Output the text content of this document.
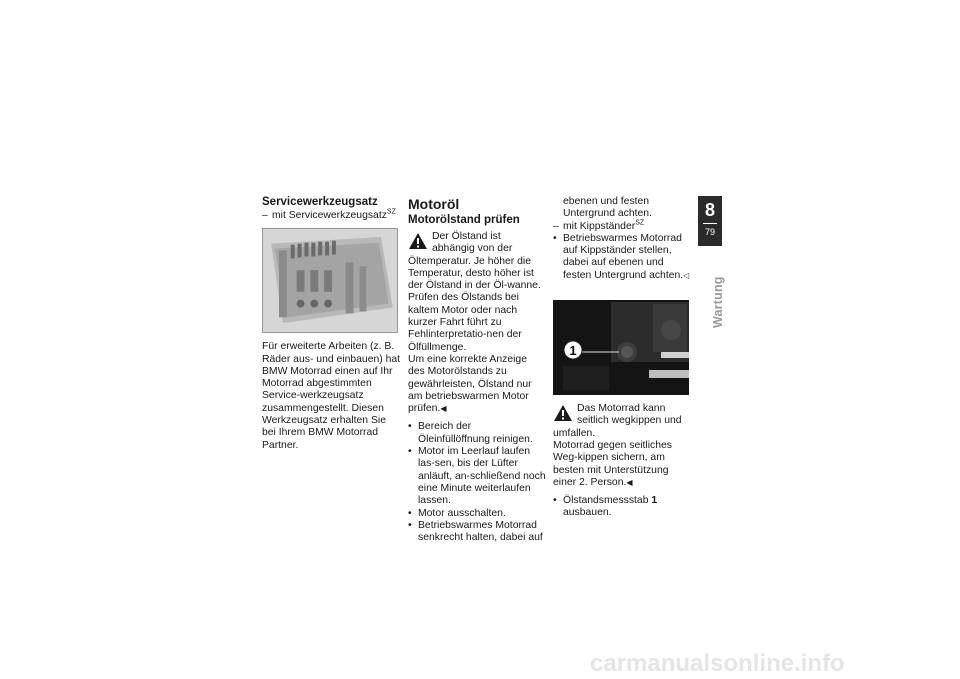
Servicewerkzeugsatz

– mit Servicewerkzeugsatz$^{SZ}$

Für erweiterte Arbeiten (z. B. Räder aus- und einbauen) hat BMW Motorrad einen auf Ihr Motorrad abgestimmten Service-werkzeugsatz zusammengestellt. Diesen Werkzeugsatz erhalten Sie bei Ihrem BMW Motorrad Partner.

Motoröl
Motorölstand prüfen

Der Ölstand ist abhängig von der Öltemperatur. Je höher die Temperatur, desto höher ist der Ölstand in der Öl-wanne. Prüfen des Ölstands bei kaltem Motor oder nach kurzer Fahrt führt zu Fehlinterpretatio-nen der Ölfüllmenge.

Um eine korrekte Anzeige des Motorölstands zu gewährleisten, Ölstand nur am betriebswarmen Motor prüfen.◀

• Bereich der Öleinfüllöffnung reinigen.
• Motor im Leerlauf laufen las-sen, bis der Lüfter anläuft, an-schließend noch eine Minute weiterlaufen lassen.
• Motor ausschalten.
• Betriebswarmes Motorrad senkrecht halten, dabei auf

ebenen und festen Untergrund achten.

– mit Kippständer$^{SZ}$

• Betriebswarmes Motorrad auf Kippständer stellen, dabei auf ebenen und festen Untergrund achten.◁

1

Das Motorrad kann seitlich wegkippen und umfallen.

Motorrad gegen seitliches Weg-kippen sichern, am besten mit Unterstützung einer 2. Person.◀

• Ölstandsmessstab 1 ausbauen.
8
79
Wartung
carmanualsonline.info
